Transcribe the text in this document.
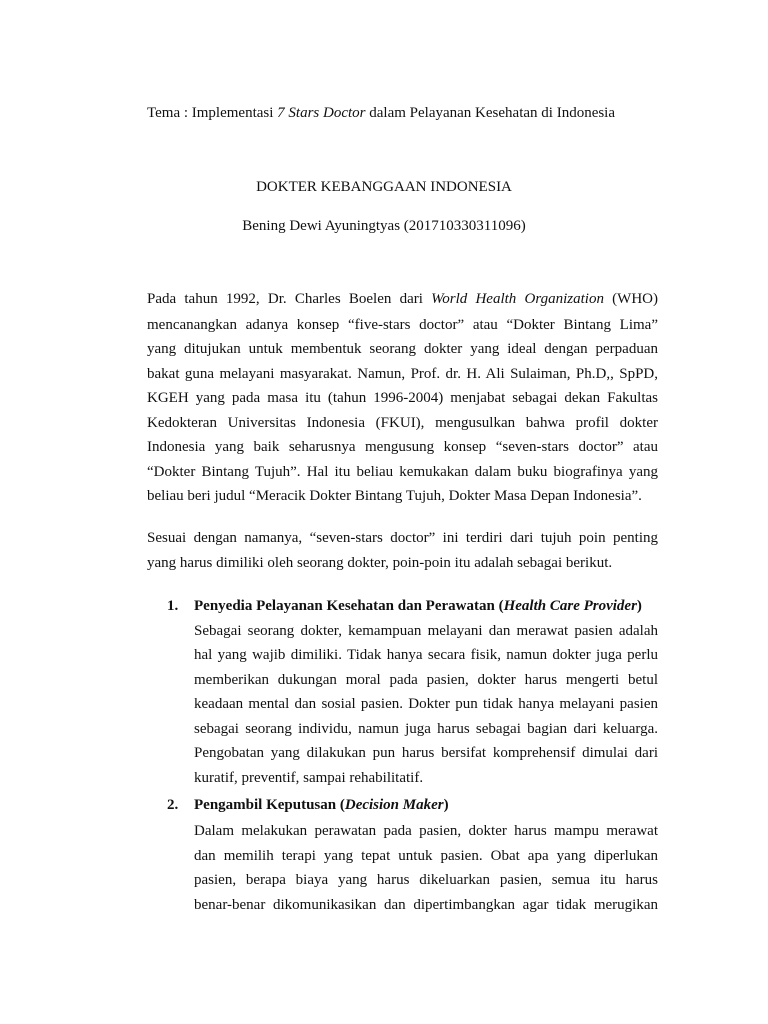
Tema : Implementasi 7 Stars Doctor dalam Pelayanan Kesehatan di Indonesia
DOKTER KEBANGGAAN INDONESIA
Bening Dewi Ayuningtyas (201710330311096)
Pada tahun 1992, Dr. Charles Boelen dari World Health Organization (WHO)
mencanangkan adanya konsep “five-stars doctor” atau “Dokter Bintang Lima”
yang ditujukan untuk membentuk seorang dokter yang ideal dengan perpaduan
bakat guna melayani masyarakat. Namun, Prof. dr. H. Ali Sulaiman, Ph.D,, SpPD,
KGEH yang pada masa itu (tahun 1996-2004) menjabat sebagai dekan Fakultas
Kedokteran Universitas Indonesia (FKUI), mengusulkan bahwa profil dokter
Indonesia yang baik seharusnya mengusung konsep “seven-stars doctor” atau
“Dokter Bintang Tujuh”. Hal itu beliau kemukakan dalam buku biografinya yang
beliau beri judul “Meracik Dokter Bintang Tujuh, Dokter Masa Depan Indonesia”.
Sesuai dengan namanya, “seven-stars doctor” ini terdiri dari tujuh poin penting
yang harus dimiliki oleh seorang dokter, poin-poin itu adalah sebagai berikut.
1. Penyedia Pelayanan Kesehatan dan Perawatan (Health Care Provider)
Sebagai seorang dokter, kemampuan melayani dan merawat pasien adalah
hal yang wajib dimiliki. Tidak hanya secara fisik, namun dokter juga perlu
memberikan dukungan moral pada pasien, dokter harus mengerti betul
keadaan mental dan sosial pasien. Dokter pun tidak hanya melayani pasien
sebagai seorang individu, namun juga harus sebagai bagian dari keluarga.
Pengobatan yang dilakukan pun harus bersifat komprehensif dimulai dari
kuratif, preventif, sampai rehabilitatif.
2. Pengambil Keputusan (Decision Maker)
Dalam melakukan perawatan pada pasien, dokter harus mampu merawat
dan memilih terapi yang tepat untuk pasien. Obat apa yang diperlukan
pasien, berapa biaya yang harus dikeluarkan pasien, semua itu harus
benar-benar dikomunikasikan dan dipertimbangkan agar tidak merugikan
